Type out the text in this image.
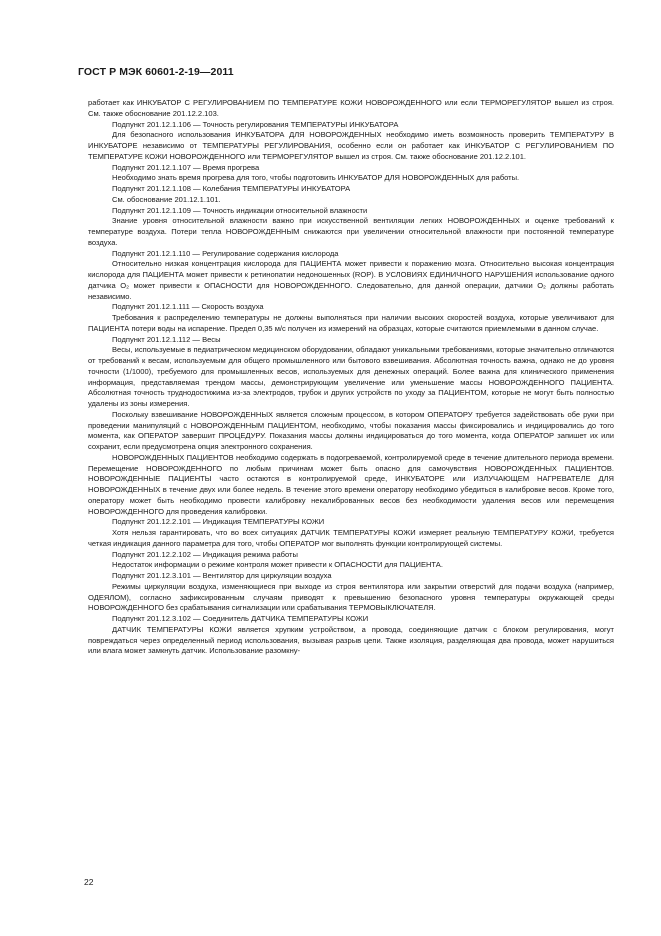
ГОСТ Р МЭК 60601-2-19—2011

работает как ИНКУБАТОР С РЕГУЛИРОВАНИЕМ ПО ТЕМПЕРАТУРЕ КОЖИ НОВОРОЖДЕННОГО или если ТЕРМОРЕГУЛЯТОР вышел из строя. См. также обоснование 201.12.2.103.

Подпункт 201.12.1.106 — Точность регулирования ТЕМПЕРАТУРЫ ИНКУБАТОРА

Для безопасного использования ИНКУБАТОРА ДЛЯ НОВОРОЖДЕННЫХ необходимо иметь возможность проверить ТЕМПЕРАТУРУ В ИНКУБАТОРЕ независимо от ТЕМПЕРАТУРЫ РЕГУЛИРОВАНИЯ, особенно если он работает как ИНКУБАТОР С РЕГУЛИРОВАНИЕМ ПО ТЕМПЕРАТУРЕ КОЖИ НОВОРОЖДЕННОГО или ТЕРМОРЕГУЛЯТОР вышел из строя. См. также обоснование 201.12.2.101.

Подпункт 201.12.1.107 — Время прогрева

Необходимо знать время прогрева для того, чтобы подготовить ИНКУБАТОР ДЛЯ НОВОРОЖДЕННЫХ для работы.

Подпункт 201.12.1.108 — Колебания ТЕМПЕРАТУРЫ ИНКУБАТОРА

См. обоснование 201.12.1.101.

Подпункт 201.12.1.109 — Точность индикации относительной влажности

Знание уровня относительной влажности важно при искусственной вентиляции легких НОВОРОЖДЕННЫХ и оценке требований к температуре воздуха. Потери тепла НОВОРОЖДЕННЫМ снижаются при увеличении относительной влажности при постоянной температуре воздуха.

Подпункт 201.12.1.110 — Регулирование содержания кислорода

Относительно низкая концентрация кислорода для ПАЦИЕНТА может привести к поражению мозга. Относительно высокая концентрация кислорода для ПАЦИЕНТА может привести к ретинопатии недоношенных (ROP). В УСЛОВИЯХ ЕДИНИЧНОГО НАРУШЕНИЯ использование одного датчика O₂ может привести к ОПАСНОСТИ для НОВОРОЖДЕННОГО. Следовательно, для данной операции, датчики O₂ должны работать независимо.

Подпункт 201.12.1.111 — Скорость воздуха

Требования к распределению температуры не должны выполняться при наличии высоких скоростей воздуха, которые увеличивают для ПАЦИЕНТА потери воды на испарение. Предел 0,35 м/с получен из измерений на образцах, которые считаются приемлемыми в данном случае.

Подпункт 201.12.1.112 — Весы

Весы, используемые в педиатрическом медицинском оборудовании, обладают уникальными требованиями, которые значительно отличаются от требований к весам, используемым для общего промышленного или бытового взвешивания. Абсолютная точность важна, однако не до уровня точности (1/1000), требуемого для промышленных весов, используемых для денежных операций. Более важна для клинического применения информация, представляемая трендом массы, демонстрирующим увеличение или уменьшение массы НОВОРОЖДЕННОГО ПАЦИЕНТА. Абсолютная точность труднодостижима из-за электродов, трубок и других устройств по уходу за ПАЦИЕНТОМ, которые не могут быть полностью удалены из зоны измерения.

Поскольку взвешивание НОВОРОЖДЕННЫХ является сложным процессом, в котором ОПЕРАТОРУ требуется задействовать обе руки при проведении манипуляций с НОВОРОЖДЕННЫМ ПАЦИЕНТОМ, необходимо, чтобы показания массы фиксировались и индицировались до того момента, как ОПЕРАТОР завершит ПРОЦЕДУРУ. Показания массы должны индицироваться до того момента, когда ОПЕРАТОР запишет их или сохранит, если предусмотрена опция электронного сохранения.

НОВОРОЖДЕННЫХ ПАЦИЕНТОВ необходимо содержать в подогреваемой, контролируемой среде в течение длительного периода времени. Перемещение НОВОРОЖДЕННОГО по любым причинам может быть опасно для самочувствия НОВОРОЖДЕННЫХ ПАЦИЕНТОВ. НОВОРОЖДЕННЫЕ ПАЦИЕНТЫ часто остаются в контролируемой среде, ИНКУБАТОРЕ или ИЗЛУЧАЮЩЕМ НАГРЕВАТЕЛЕ ДЛЯ НОВОРОЖДЕННЫХ в течение двух или более недель. В течение этого времени оператору необходимо убедиться в калибровке весов. Кроме того, оператору может быть необходимо провести калибровку некалиброванных весов без необходимости удаления весов или перемещения НОВОРОЖДЕННОГО для проведения калибровки.

Подпункт 201.12.2.101 — Индикация ТЕМПЕРАТУРЫ КОЖИ

Хотя нельзя гарантировать, что во всех ситуациях ДАТЧИК ТЕМПЕРАТУРЫ КОЖИ измеряет реальную ТЕМПЕРАТУРУ КОЖИ, требуется четкая индикация данного параметра для того, чтобы ОПЕРАТОР мог выполнять функции контролирующей системы.

Подпункт 201.12.2.102 — Индикация режима работы

Недостаток информации о режиме контроля может привести к ОПАСНОСТИ для ПАЦИЕНТА.

Подпункт 201.12.3.101 — Вентилятор для циркуляции воздуха

Режимы циркуляции воздуха, изменяющиеся при выходе из строя вентилятора или закрытии отверстий для подачи воздуха (например, ОДЕЯЛОМ), согласно зафиксированным случаям приводят к превышению безопасного уровня температуры окружающей среды НОВОРОЖДЕННОГО без срабатывания сигнализации или срабатывания ТЕРМОВЫКЛЮЧАТЕЛЯ.

Подпункт 201.12.3.102 — Соединитель ДАТЧИКА ТЕМПЕРАТУРЫ КОЖИ

ДАТЧИК ТЕМПЕРАТУРЫ КОЖИ является хрупким устройством, а провода, соединяющие датчик с блоком регулирования, могут повреждаться через определенный период использования, вызывая разрыв цепи. Также изоляция, разделяющая два провода, может нарушиться или влага может замкнуть датчик. Использование разомкну-

22
